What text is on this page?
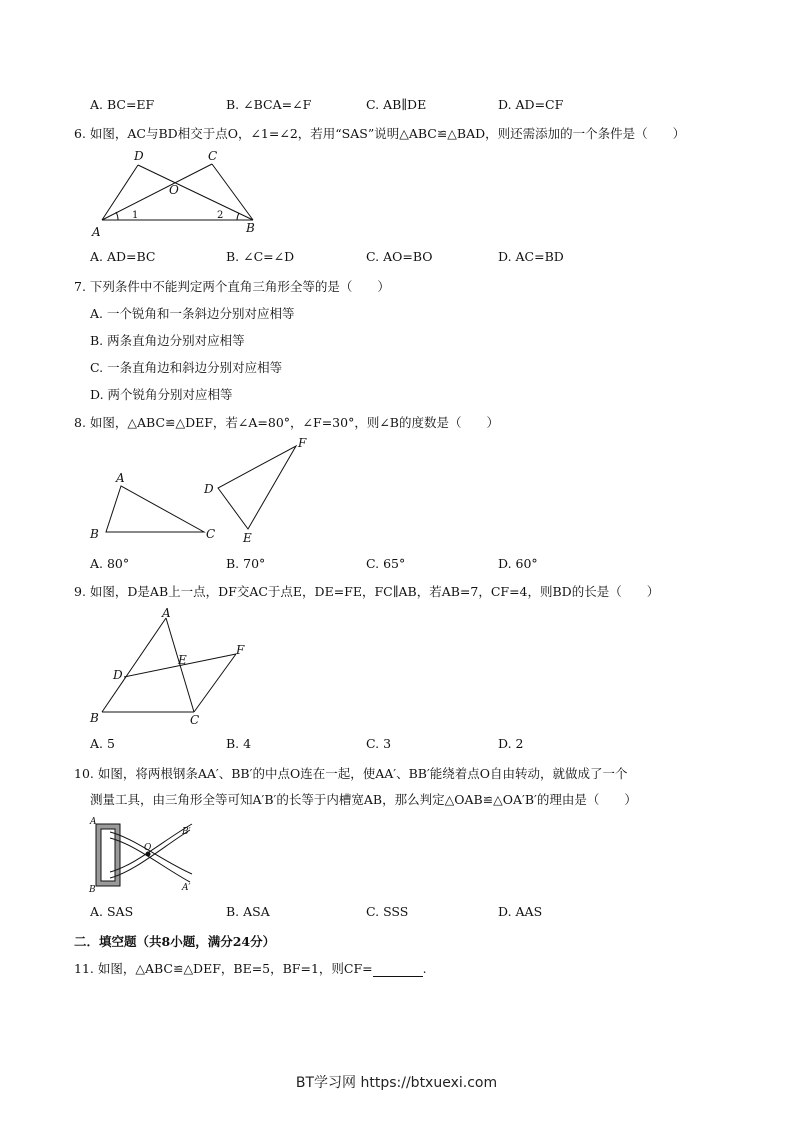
A. BC=EF	B. ∠BCA=∠F	C. AB∥DE	D. AD=CF
6. 如图，AC与BD相交于点O，∠1=∠2，若用“SAS”说明△ABC≌△BAD，则还需添加的一个条件是（　　）
A	B
C
D
O
1	2
A. AD=BC	B. ∠C=∠D	C. AO=BO	D. AC=BD
7. 下列条件中不能判定两个直角三角形全等的是（　　）
A. 一个锐角和一条斜边分别对应相等
B. 两条直角边分别对应相等
C. 一条直角边和斜边分别对应相等
D. 两个锐角分别对应相等
8. 如图，△ABC≌△DEF，若∠A=80°，∠F=30°，则∠B的度数是（　　）
A
B	C
D
E
F
A. 80°	B. 70°	C. 65°	D. 60°
9. 如图，D是AB上一点，DF交AC于点E，DE=FE，FC∥AB，若AB=7，CF=4，则BD的长是（　　）
A
B	C
D
E
F
A. 5	B. 4	C. 3	D. 2
10. 如图，将两根钢条AA′、BB′的中点O连在一起，使AA′、BB′能绕着点O自由转动，就做成了一个
测量工具，由三角形全等可知A′B′的长等于内槽宽AB，那么判定△OAB≌△OA′B′的理由是（　　）
A
B
O
B′
A′
A. SAS	B. ASA	C. SSS	D. AAS
二．填空题（共8小题，满分24分）
11. 如图，△ABC≌△DEF，BE=5，BF=1，则CF=	.
BT学习网 https://btxuexi.com
